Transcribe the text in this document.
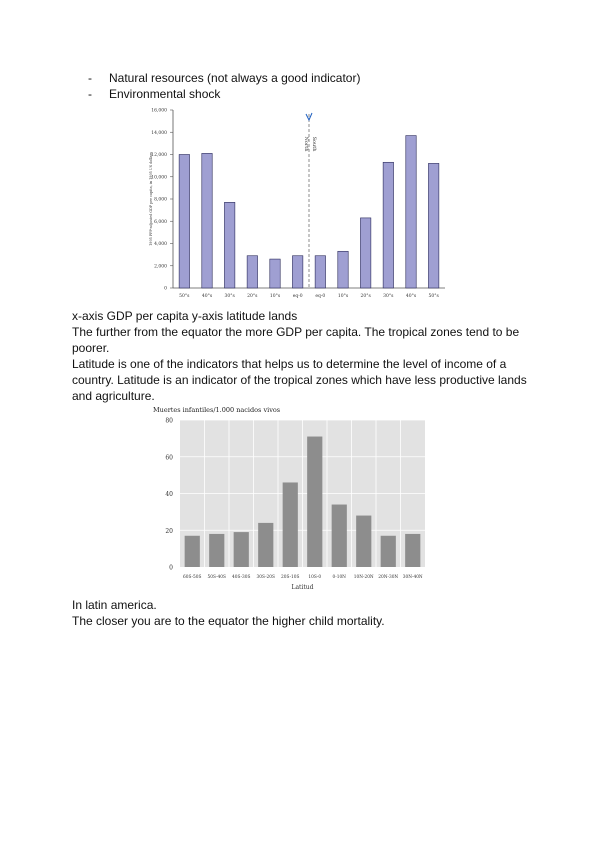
- Natural resources (not always a good indicator)
- Environmental shock
0
2,000
4,000
6,000
8,000
10,000
12,000
14,000
16,000
1995 PPP-adjusted GDP per capita, in 1995 US dollars
50°s	40°s	30°s	20°s	10°s	eq-0	eq-0	10°s	20°s	30°s	40°s	50°s
North South

x-axis GDP per capita y-axis latitude lands

The further from the equator the more GDP per capita. The tropical zones tend to be poorer.

Latitude is one of the indicators that helps us to determine the level of income of a country. Latitude is an indicator of the tropical zones which have less productive lands and agriculture.

Muertes infantiles/1.000 nacidos vivos
0
20
40
60
80
60S-50S 50S-40S 40S-30S 30S-20S 20S-10S 10S-0	0-10N 10N-20N 20N-30N 30N-40N
Latitud

In latin america.

The closer you are to the equator the higher child mortality.
